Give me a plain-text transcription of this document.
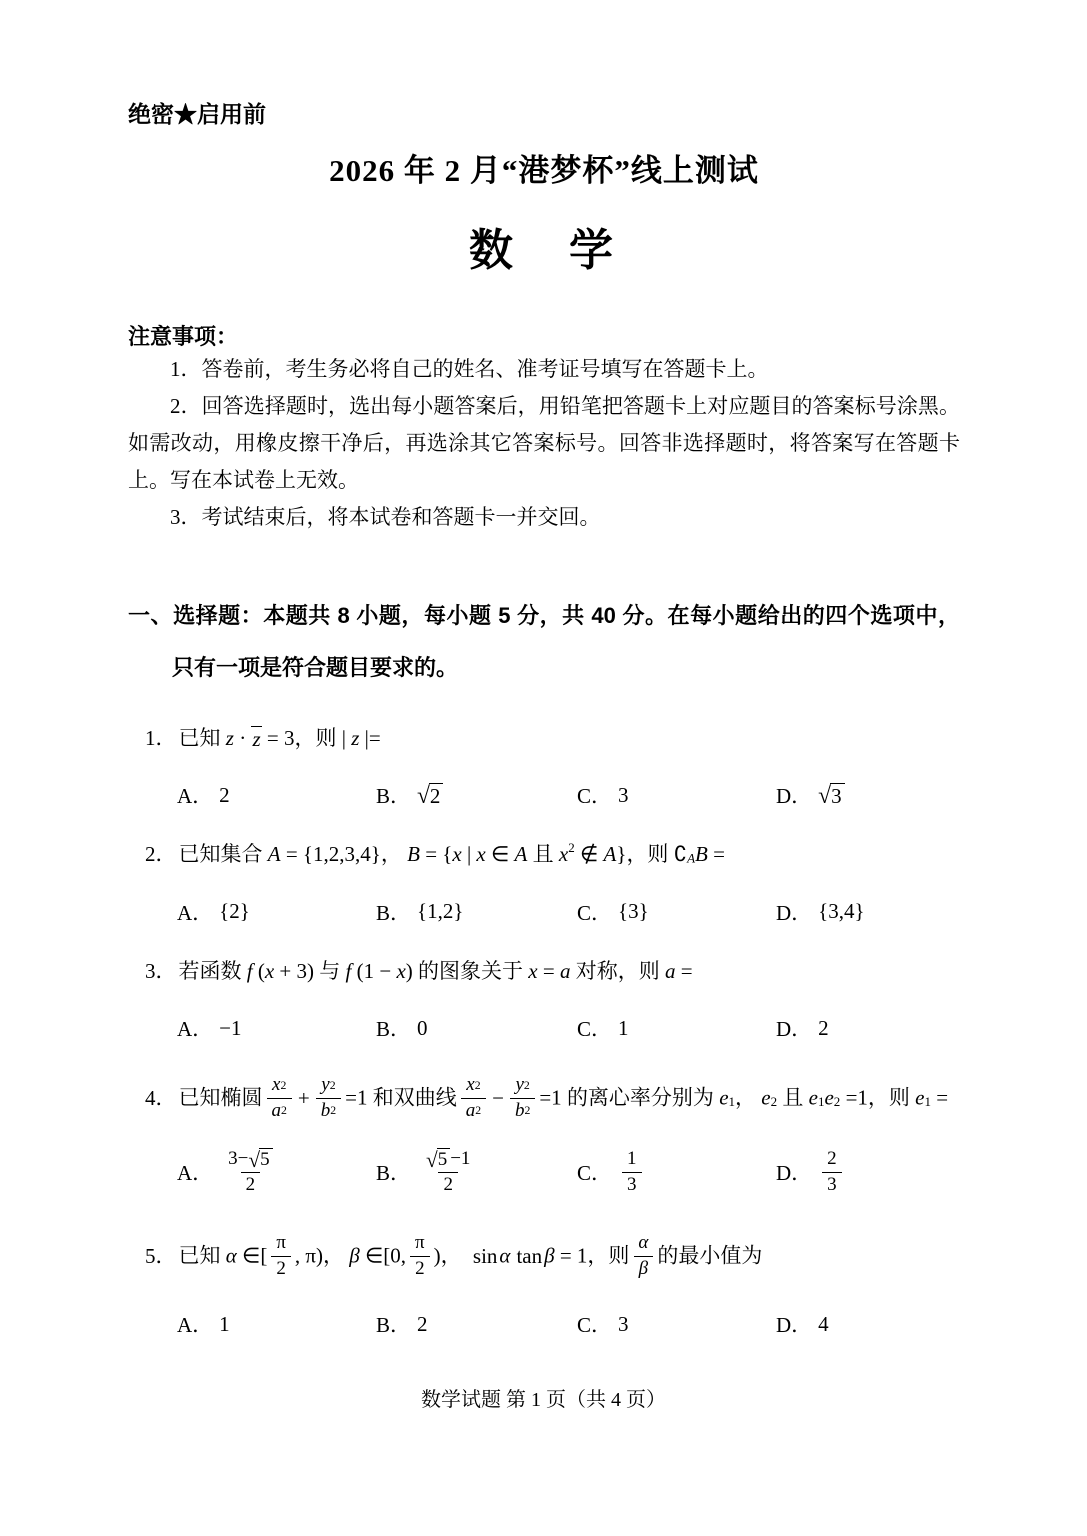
绝密★启用前
2026 年 2 月“港梦杯”线上测试
数　学
注意事项：

1．答卷前，考生务必将自己的姓名、准考证号填写在答题卡上。

2．回答选择题时，选出每小题答案后，用铅笔把答题卡上对应题目的答案标号涂黑。如需改动，用橡皮擦干净后，再选涂其它答案标号。回答非选择题时，将答案写在答题卡上。写在本试卷上无效。

3．考试结束后，将本试卷和答题卡一并交回。

一、选择题：本题共 8 小题，每小题 5 分，共 40 分。在每小题给出的四个选项中，只有一项是符合题目要求的。

1．已知 z · z = 3，则 | z |=

A． 2	B． √ 2	C． 3	D． √ 3

2．已知集合 A = {1,2,3,4}， B = {x | x ∈ A 且 $x^2$ ∉ A}，则 $∁_AB$ =

A． {2}	B． {1,2}	C． {3}	D． {3,4}

3．若函数 f (x + 3) 与 f (1 − x) 的图象关于 x = a 对称，则 a =

A． −1	B． 0	C． 1	D． 2

4．已知椭圆 $\frac{x 2}{a 2} + \frac{y 2}{b 2} =1$ 和双曲线 $\frac{x 2}{a 2} - \frac{y 2}{b 2} =1$ 的离心率分别为 $e_1$， $e_2$ 且 $e_1e_2 =1$，则 $e_1$ =

A． $\frac{3- √ 5}{2}$	B． $\frac{√ 5 -1}{2}$	C． $\frac{1}{3}$	D． $\frac{2}{3}$

5．已知 α ∈[ $\frac{\pi}{2}$ , π)， β ∈[0, $\frac{\pi}{2}$ )， sinα tanβ = 1，则 $\frac{\alpha}{\beta}$ 的最小值为

A． 1	B． 2	C． 3	D． 4
数学试题 第 1 页（共 4 页）
